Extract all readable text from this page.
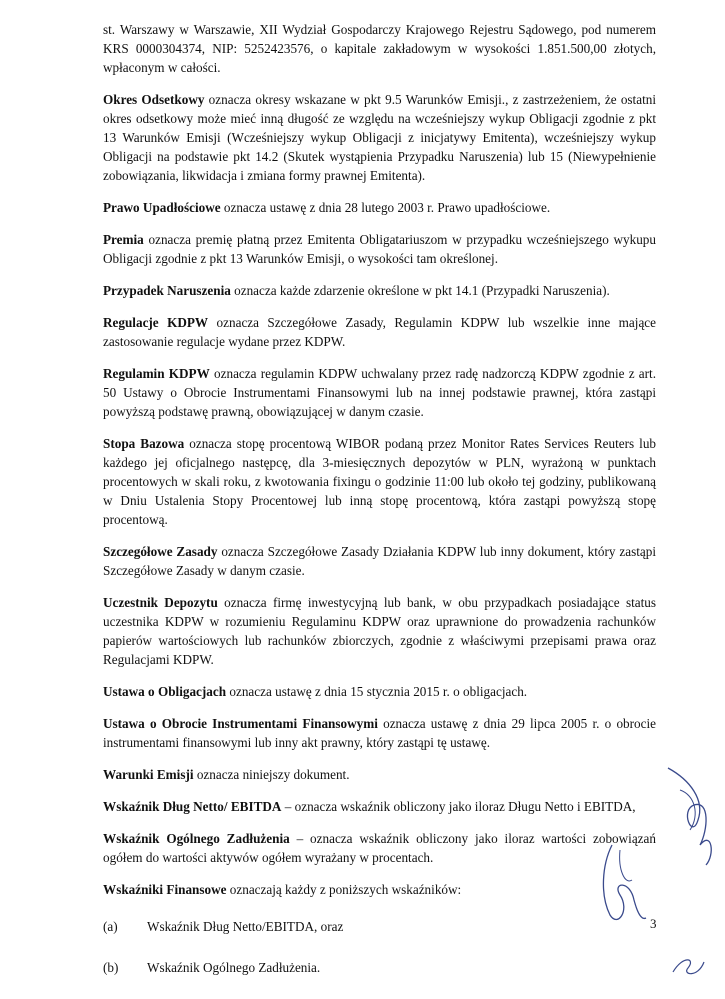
st. Warszawy w Warszawie, XII Wydział Gospodarczy Krajowego Rejestru Sądowego, pod numerem KRS 0000304374, NIP: 5252423576, o kapitale zakładowym w wysokości 1.851.500,00 złotych, wpłaconym w całości.

Okres Odsetkowy oznacza okresy wskazane w pkt 9.5 Warunków Emisji., z zastrzeżeniem, że ostatni okres odsetkowy może mieć inną długość ze względu na wcześniejszy wykup Obligacji zgodnie z pkt 13 Warunków Emisji (Wcześniejszy wykup Obligacji z inicjatywy Emitenta), wcześniejszy wykup Obligacji na podstawie pkt 14.2 (Skutek wystąpienia Przypadku Naruszenia) lub 15 (Niewypełnienie zobowiązania, likwidacja i zmiana formy prawnej Emitenta).

Prawo Upadłościowe oznacza ustawę z dnia 28 lutego 2003 r. Prawo upadłościowe.

Premia oznacza premię płatną przez Emitenta Obligatariuszom w przypadku wcześniejszego wykupu Obligacji zgodnie z pkt 13 Warunków Emisji, o wysokości tam określonej.

Przypadek Naruszenia oznacza każde zdarzenie określone w pkt 14.1 (Przypadki Naruszenia).

Regulacje KDPW oznacza Szczegółowe Zasady, Regulamin KDPW lub wszelkie inne mające zastosowanie regulacje wydane przez KDPW.

Regulamin KDPW oznacza regulamin KDPW uchwalany przez radę nadzorczą KDPW zgodnie z art. 50 Ustawy o Obrocie Instrumentami Finansowymi lub na innej podstawie prawnej, która zastąpi powyższą podstawę prawną, obowiązującej w danym czasie.

Stopa Bazowa oznacza stopę procentową WIBOR podaną przez Monitor Rates Services Reuters lub każdego jej oficjalnego następcę, dla 3-miesięcznych depozytów w PLN, wyrażoną w punktach procentowych w skali roku, z kwotowania fixingu o godzinie 11:00 lub około tej godziny, publikowaną w Dniu Ustalenia Stopy Procentowej lub inną stopę procentową, która zastąpi powyższą stopę procentową.

Szczegółowe Zasady oznacza Szczegółowe Zasady Działania KDPW lub inny dokument, który zastąpi Szczegółowe Zasady w danym czasie.

Uczestnik Depozytu oznacza firmę inwestycyjną lub bank, w obu przypadkach posiadające status uczestnika KDPW w rozumieniu Regulaminu KDPW oraz uprawnione do prowadzenia rachunków papierów wartościowych lub rachunków zbiorczych, zgodnie z właściwymi przepisami prawa oraz Regulacjami KDPW.

Ustawa o Obligacjach oznacza ustawę z dnia 15 stycznia 2015 r. o obligacjach.

Ustawa o Obrocie Instrumentami Finansowymi oznacza ustawę z dnia 29 lipca 2005 r. o obrocie instrumentami finansowymi lub inny akt prawny, który zastąpi tę ustawę.

Warunki Emisji oznacza niniejszy dokument.

Wskaźnik Dług Netto/ EBITDA – oznacza wskaźnik obliczony jako iloraz Długu Netto i EBITDA,

Wskaźnik Ogólnego Zadłużenia – oznacza wskaźnik obliczony jako iloraz wartości zobowiązań ogółem do wartości aktywów ogółem wyrażany w procentach.

Wskaźniki Finansowe oznaczają każdy z poniższych wskaźników:

(a) Wskaźnik Dług Netto/EBITDA, oraz
(b) Wskaźnik Ogólnego Zadłużenia.
3
